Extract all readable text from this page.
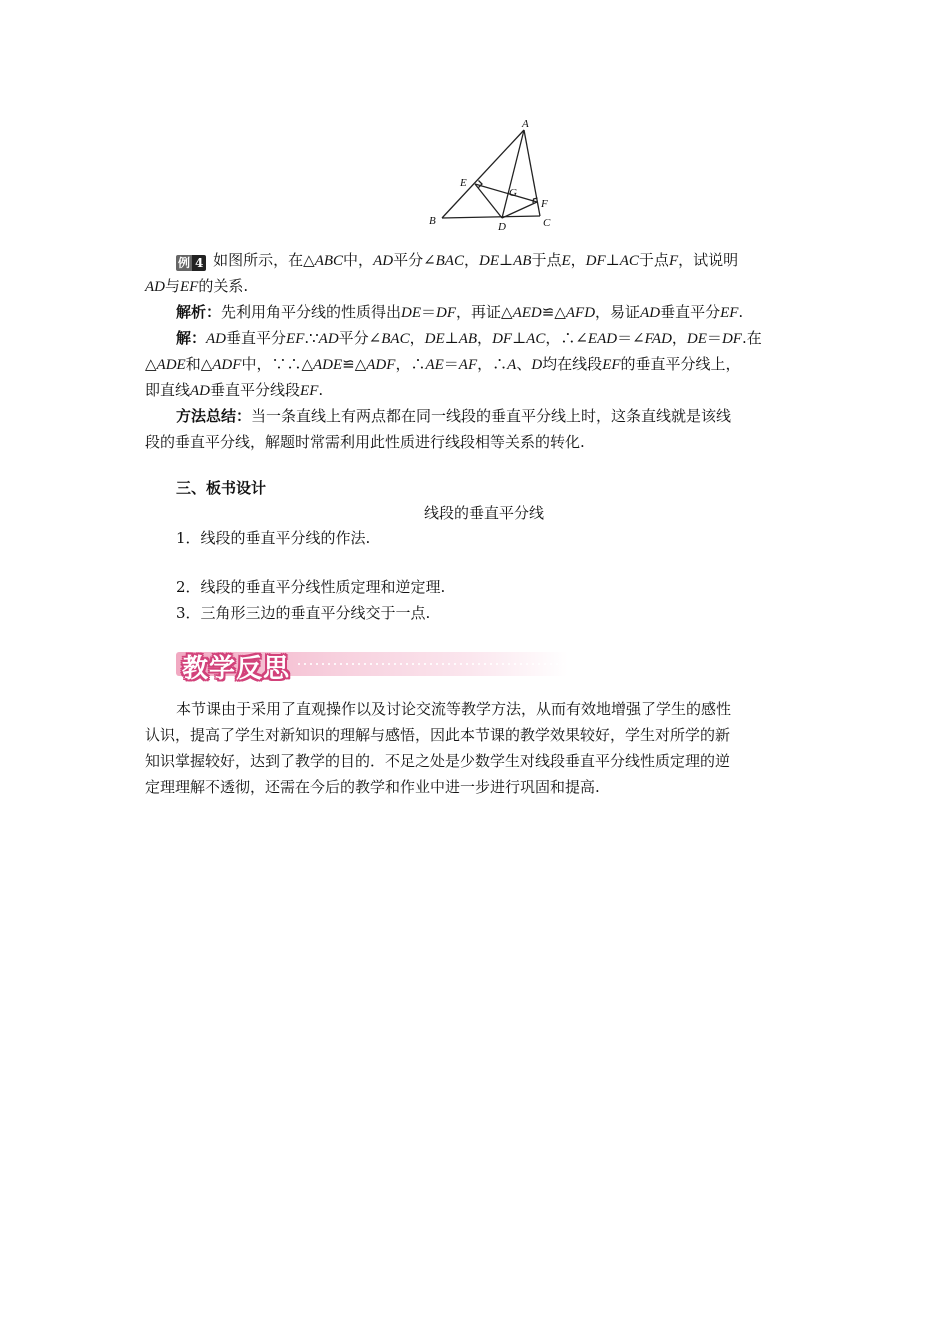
A
B	C
D
E
F
G
例 4 如图所示，在△ABC中，AD平分∠BAC，DE⊥AB于点E，DF⊥AC于点F，试说明
AD与EF的关系.
解析：先利用角平分线的性质得出DE＝DF，再证△AED≌△AFD，易证AD垂直平分EF.
解：AD垂直平分EF.∵AD平分∠BAC，DE⊥AB，DF⊥AC，∴∠EAD＝∠FAD，DE＝DF.在
△ADE和△ADF中，∵∴△ADE≌△ADF，∴AE＝AF，∴A、D均在线段EF的垂直平分线上，
即直线AD垂直平分线段EF.
方法总结：当一条直线上有两点都在同一线段的垂直平分线上时，这条直线就是该线
段的垂直平分线，解题时常需利用此性质进行线段相等关系的转化.
三、板书设计
线段的垂直平分线
1．线段的垂直平分线的作法.
2．线段的垂直平分线性质定理和逆定理.
3．三角形三边的垂直平分线交于一点.
教学反思
本节课由于采用了直观操作以及讨论交流等教学方法，从而有效地增强了学生的感性
认识，提高了学生对新知识的理解与感悟，因此本节课的教学效果较好，学生对所学的新
知识掌握较好，达到了教学的目的．不足之处是少数学生对线段垂直平分线性质定理的逆
定理理解不透彻，还需在今后的教学和作业中进一步进行巩固和提高.
